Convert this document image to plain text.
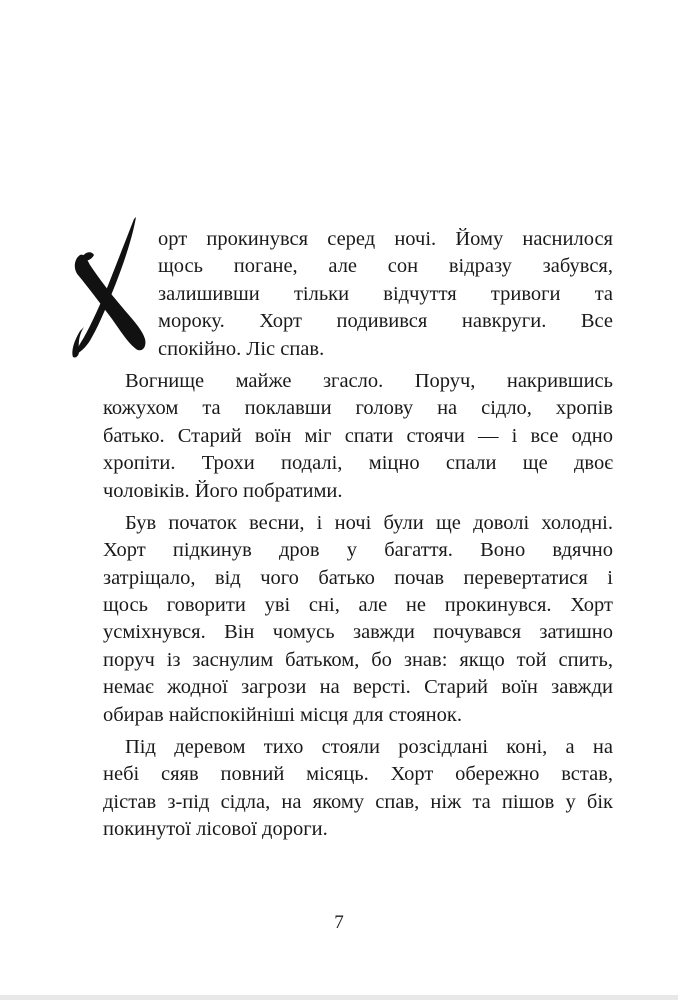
орт прокинувся серед ночі. Йому наснилося
щось погане, але сон відразу забувся,
залишивши тільки відчуття тривоги та
мороку. Хорт подивився навкруги. Все
спокійно. Ліс спав.
Вогнище майже згасло. Поруч, накрившись
кожухом та поклавши голову на сідло, хропів
батько. Старий воїн міг спати стоячи — і все одно
хропіти. Трохи подалі, міцно спали ще двоє
чоловіків. Його побратими.
Був початок весни, і ночі були ще доволі холодні.
Хорт підкинув дров у багаття. Воно вдячно
затріщало, від чого батько почав перевертатися і
щось говорити уві сні, але не прокинувся. Хорт
усміхнувся. Він чомусь завжди почувався затишно
поруч із заснулим батьком, бо знав: якщо той спить,
немає жодної загрози на версті. Старий воїн завжди
обирав найспокійніші місця для стоянок.
Під деревом тихо стояли розсідлані коні, а на
небі сяяв повний місяць. Хорт обережно встав,
дістав з-під сідла, на якому спав, ніж та пішов у бік
покинутої лісової дороги.
7
